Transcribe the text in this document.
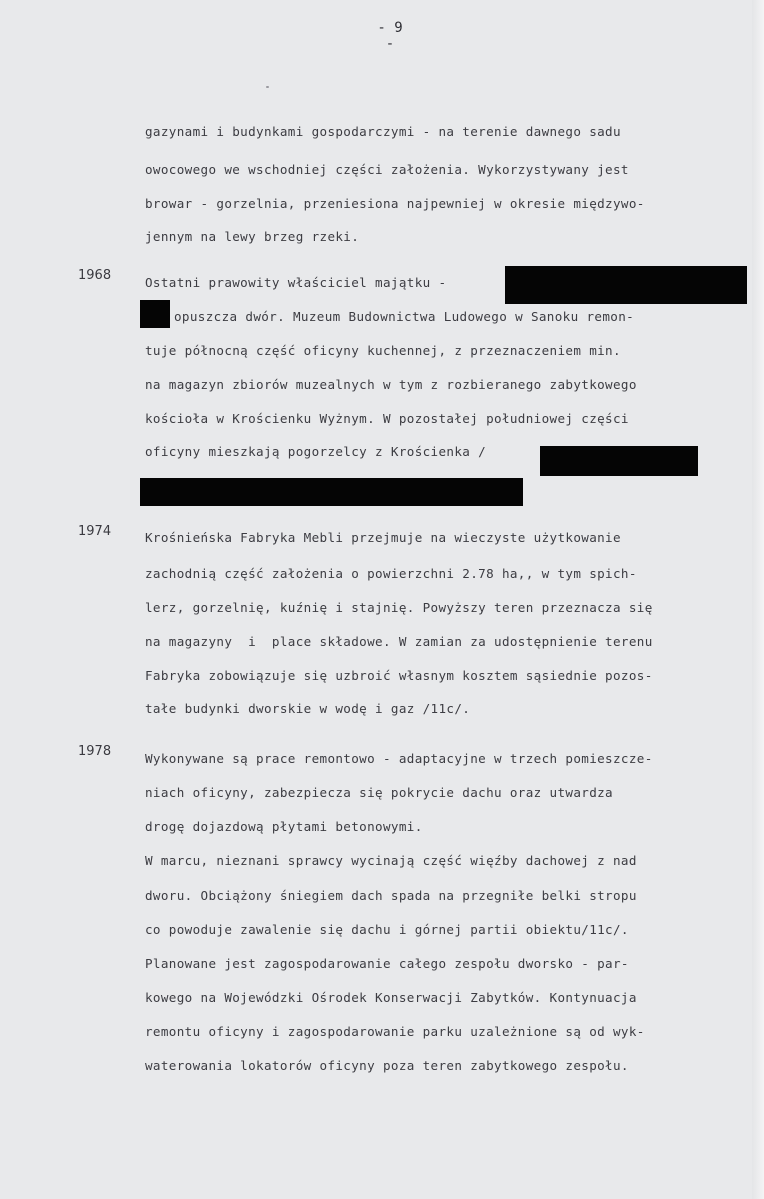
- 9 -
gazynami i budynkami gospodarczymi - na terenie dawnego sadu
owocowego we wschodniej części założenia. Wykorzystywany jest
browar - gorzelnia, przeniesiona najpewniej w okresie międzywo-
jennym na lewy brzeg rzeki.
1968	Ostatni prawowity właściciel majątku -
opuszcza dwór. Muzeum Budownictwa Ludowego w Sanoku remon-
tuje północną część oficyny kuchennej, z przeznaczeniem min.
na magazyn zbiorów muzealnych w tym z rozbieranego zabytkowego
kościoła w Krościenku Wyżnym. W pozostałej południowej części
oficyny mieszkają pogorzelcy z Krościenka /
1974	Krośnieńska Fabryka Mebli przejmuje na wieczyste użytkowanie
zachodnią część założenia o powierzchni 2.78 ha,, w tym spich-
lerz, gorzelnię, kuźnię i stajnię. Powyższy teren przeznacza się
na magazyny  i  place składowe. W zamian za udostępnienie terenu
Fabryka zobowiązuje się uzbroić własnym kosztem sąsiednie pozos-
tałe budynki dworskie w wodę i gaz /11c/.
1978	Wykonywane są prace remontowo - adaptacyjne w trzech pomieszcze-
niach oficyny, zabezpiecza się pokrycie dachu oraz utwardza
drogę dojazdową płytami betonowymi.
W marcu, nieznani sprawcy wycinają część więźby dachowej z nad
dworu. Obciążony śniegiem dach spada na przegniłe belki stropu
co powoduje zawalenie się dachu i górnej partii obiektu/11c/.
Planowane jest zagospodarowanie całego zespołu dworsko - par-
kowego na Wojewódzki Ośrodek Konserwacji Zabytków. Kontynuacja
remontu oficyny i zagospodarowanie parku uzależnione są od wyk-
waterowania lokatorów oficyny poza teren zabytkowego zespołu.
